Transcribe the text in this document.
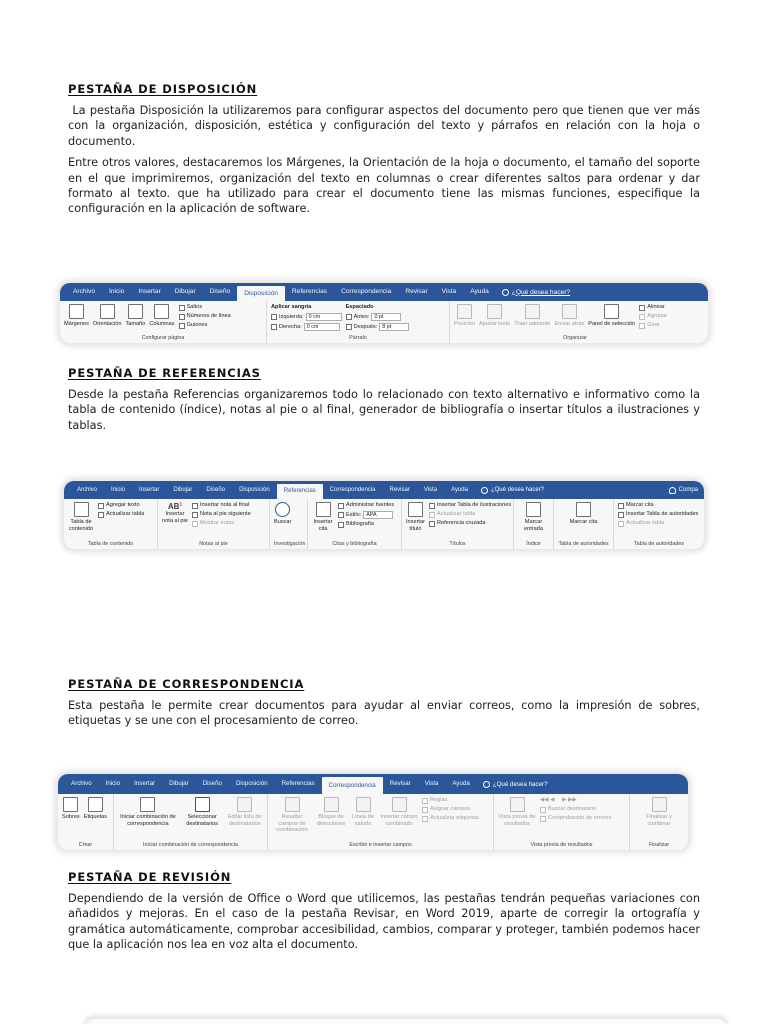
PESTAÑA DE DISPOSICIÓN

La pestaña Disposición la utilizaremos para configurar aspectos del documento pero que tienen que ver más con la organización, disposición, estética y configuración del texto y párrafos en relación con la hoja o documento.

Entre otros valores, destacaremos los Márgenes, la Orientación de la hoja o documento, el tamaño del soporte en el que imprimiremos, organización del texto en columnas o crear diferentes saltos para ordenar y dar formato al texto. que ha utilizado para crear el documento tiene las mismas funciones, especifique la configuración en la aplicación de software.

Archivo	Inicio	Insertar	Dibujar	Diseño	Disposición	Referencias	Correspondencia	Revisar	Vista	Ayuda	¿Qué desea hacer?
Márgenes Orientación Tamaño Columnas
Saltos
Números de línea
Guiones
Configurar página
Aplicar sangría
Izquierda: 0 cm
Derecha: 0 cm
Espaciado
Antes: 0 pt
Después: 8 pt
Párrafo
Posición Ajustar texto Traer adelante Enviar atrás Panel de selección
Alinear
Agrupar
Girar
Organizar
PESTAÑA DE REFERENCIAS

Desde la pestaña Referencias organizaremos todo lo relacionado con texto alternativo e informativo como la tabla de contenido (índice), notas al pie o al final, generador de bibliografía o insertar títulos a ilustraciones y tablas.

Archivo	Inicio	Insertar	Dibujar	Diseño	Disposición	Referencias	Correspondencia	Revisar	Vista	Ayuda	¿Qué desea hacer?	Compa
Tabla de contenido
Agregar texto
Actualizar tabla
Tabla de contenido
$AB^1$
Insertar nota al pie
Insertar nota al final
Nota al pie siguiente
Mostrar notas
Notas al pie
Buscar
Investigación
Insertar cita
Administrar fuentes
Estilo: APA
Bibliografía
Citas y bibliografía
Insertar título
Insertar Tabla de ilustraciones
Actualizar tabla
Referencia cruzada
Títulos
Marcar entrada
Índice
Marcar cita
Tabla de autoridades
Marcar cita
Insertar Tabla de autoridades
Actualizar tabla
Tabla de autoridades
PESTAÑA DE CORRESPONDENCIA

Esta pestaña le permite crear documentos para ayudar al enviar correos, como la impresión de sobres, etiquetas y se une con el procesamiento de correo.

Archivo	Inicio	Insertar	Dibujar	Diseño	Disposición	Referencias	Correspondencia	Revisar	Vista	Ayuda	¿Qué desea hacer?
Sobres Etiquetas
Crear
Iniciar combinación de correspondencia
Seleccionar destinatarios
Editar lista de destinatarios
Iniciar combinación de correspondencia
Resaltar campos de combinación
Bloque de direcciones
Línea de saludo
Insertar campo combinado
Reglas
Asignar campos
Actualizar etiquetas
Escribir e insertar campos
Vista previa de resultados
◀◀ ◀     ▶ ▶▶
Buscar destinatario
Comprobación de errores
Vista previa de resultados
Finalizar y combinar
Finalizar
PESTAÑA DE REVISIÓN

Dependiendo de la versión de Office o Word que utilicemos, las pestañas tendrán pequeñas variaciones con añadidos y mejoras. En el caso de la pestaña Revisar, en Word 2019, aparte de corregir la ortografía y gramática automáticamente, comprobar accesibilidad, cambios, comparar y proteger, también podemos hacer que la aplicación nos lea en voz alta el documento.
